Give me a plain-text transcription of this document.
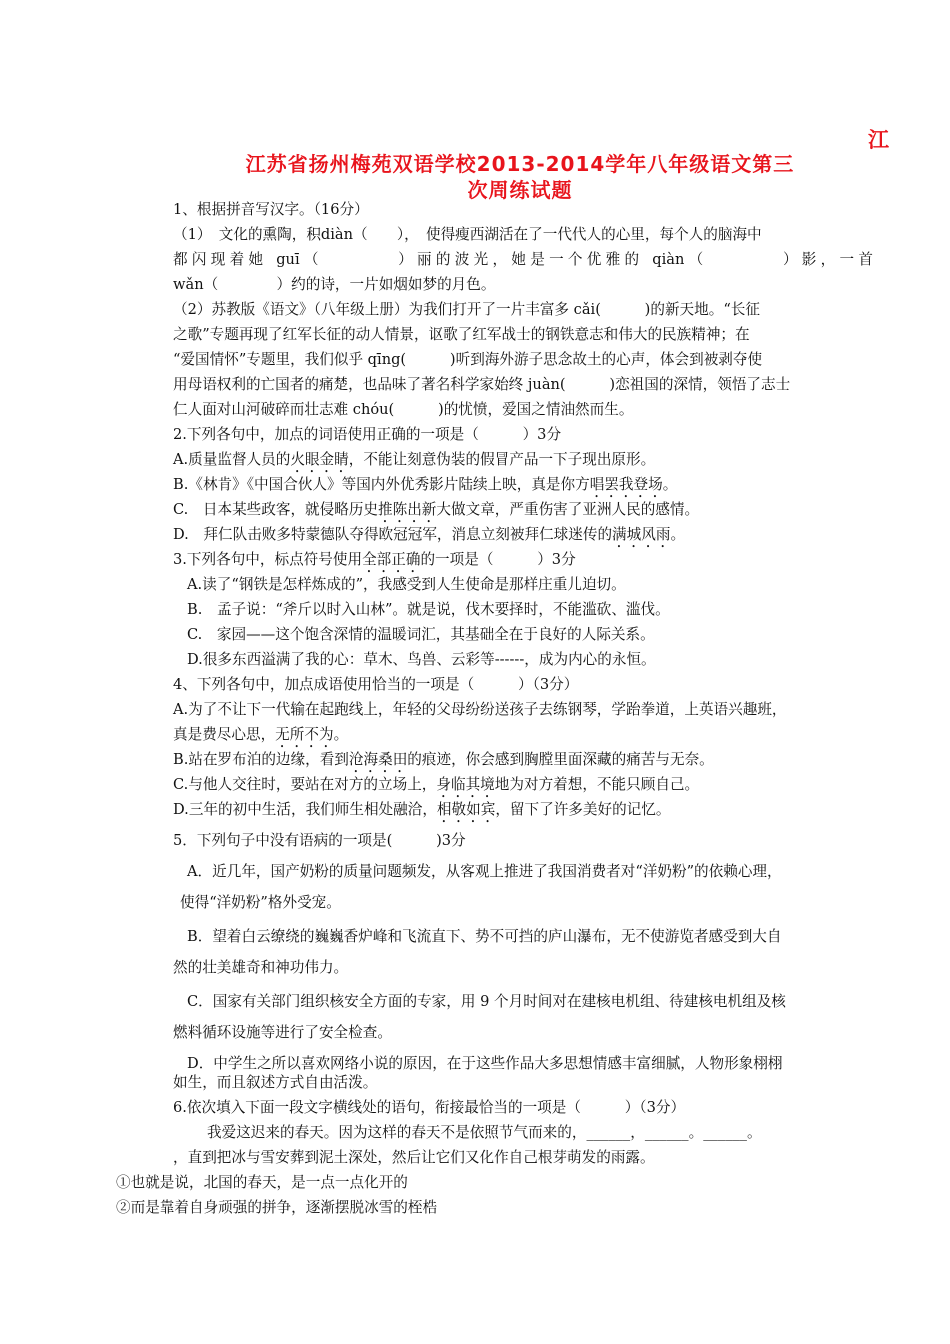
江
江苏省扬州梅苑双语学校2013-2014学年八年级语文第三
次周练试题
1、根据拼音写汉字。（16分）
（1）　文化的熏陶，积diàn（　　），　使得瘦西湖活在了一代代人的心里，每个人的脑海中
都闪现着她 guī（　　　　）丽的波光，她是一个优雅的 qiàn（　　　　）影，一首
wǎn（　　　　）约的诗，一片如烟如梦的月色。
（2）苏教版《语文》（八年级上册）为我们打开了一片丰富多 cǎi(　　　)的新天地。“长征
之歌”专题再现了红军长征的动人情景，讴歌了红军战士的钢铁意志和伟大的民族精神；在
“爱国情怀”专题里，我们似乎 qīng(　　　)听到海外游子思念故土的心声，体会到被剥夺使
用母语权利的亡国者的痛楚，也品味了著名科学家始终 juàn(　　　)恋祖国的深情，领悟了志士
仁人面对山河破碎而壮志难 chóu(　　　)的忧愤，爱国之情油然而生。
2.下列各句中，加点的词语使用正确的一项是（　　　）3分
A.质量监督人员的火眼金睛，不能让刻意伪装的假冒产品一下子现出原形。
B.《林肯》《中国合伙人》等国内外优秀影片陆续上映，真是你方唱罢我登场。
C.　日本某些政客，就侵略历史推陈出新大做文章，严重伤害了亚洲人民的感情。
D.　拜仁队击败多特蒙德队夺得欧冠冠军，消息立刻被拜仁球迷传的满城风雨。
3.下列各句中，标点符号使用全部正确的一项是（　　　）3分
A.读了“钢铁是怎样炼成的”，我感受到人生使命是那样庄重儿迫切。
B.　孟子说：“斧斤以时入山林”。就是说，伐木要择时，不能滥砍、滥伐。
C.　家园——这个饱含深情的温暖词汇，其基础全在于良好的人际关系。
D.很多东西溢满了我的心：草木、鸟兽、云彩等------，成为内心的永恒。
4、下列各句中，加点成语使用恰当的一项是（　　　）（3分）
A.为了不让下一代输在起跑线上，年轻的父母纷纷送孩子去练钢琴，学跆拳道，上英语兴趣班，
真是费尽心思，无所不为。
B.站在罗布泊的边缘，看到沧海桑田的痕迹，你会感到胸膛里面深藏的痛苦与无奈。
C.与他人交往时，要站在对方的立场上，身临其境地为对方着想，不能只顾自己。
D.三年的初中生活，我们师生相处融洽，相敬如宾，留下了许多美好的记忆。
5．下列句子中没有语病的一项是(　　　)3分
A．近几年，国产奶粉的质量问题频发，从客观上推进了我国消费者对“洋奶粉”的依赖心理，
使得“洋奶粉”格外受宠。
B．望着白云缭绕的巍巍香炉峰和飞流直下、势不可挡的庐山瀑布，无不使游览者感受到大自
然的壮美雄奇和神功伟力。
C．国家有关部门组织核安全方面的专家，用 9 个月时间对在建核电机组、待建核电机组及核
燃料循环设施等进行了安全检查。
D．中学生之所以喜欢网络小说的原因，在于这些作品大多思想情感丰富细腻，人物形象栩栩
如生，而且叙述方式自由活泼。
6.依次填入下面一段文字横线处的语句，衔接最恰当的一项是（　　　）（3分）
我爱这迟来的春天。因为这样的春天不是依照节气而来的，______，______。______。
，直到把冰与雪安葬到泥土深处，然后让它们又化作自己根芽萌发的雨露。
①也就是说，北国的春天，是一点一点化开的
②而是靠着自身顽强的拼争，逐渐摆脱冰雪的桎梏
